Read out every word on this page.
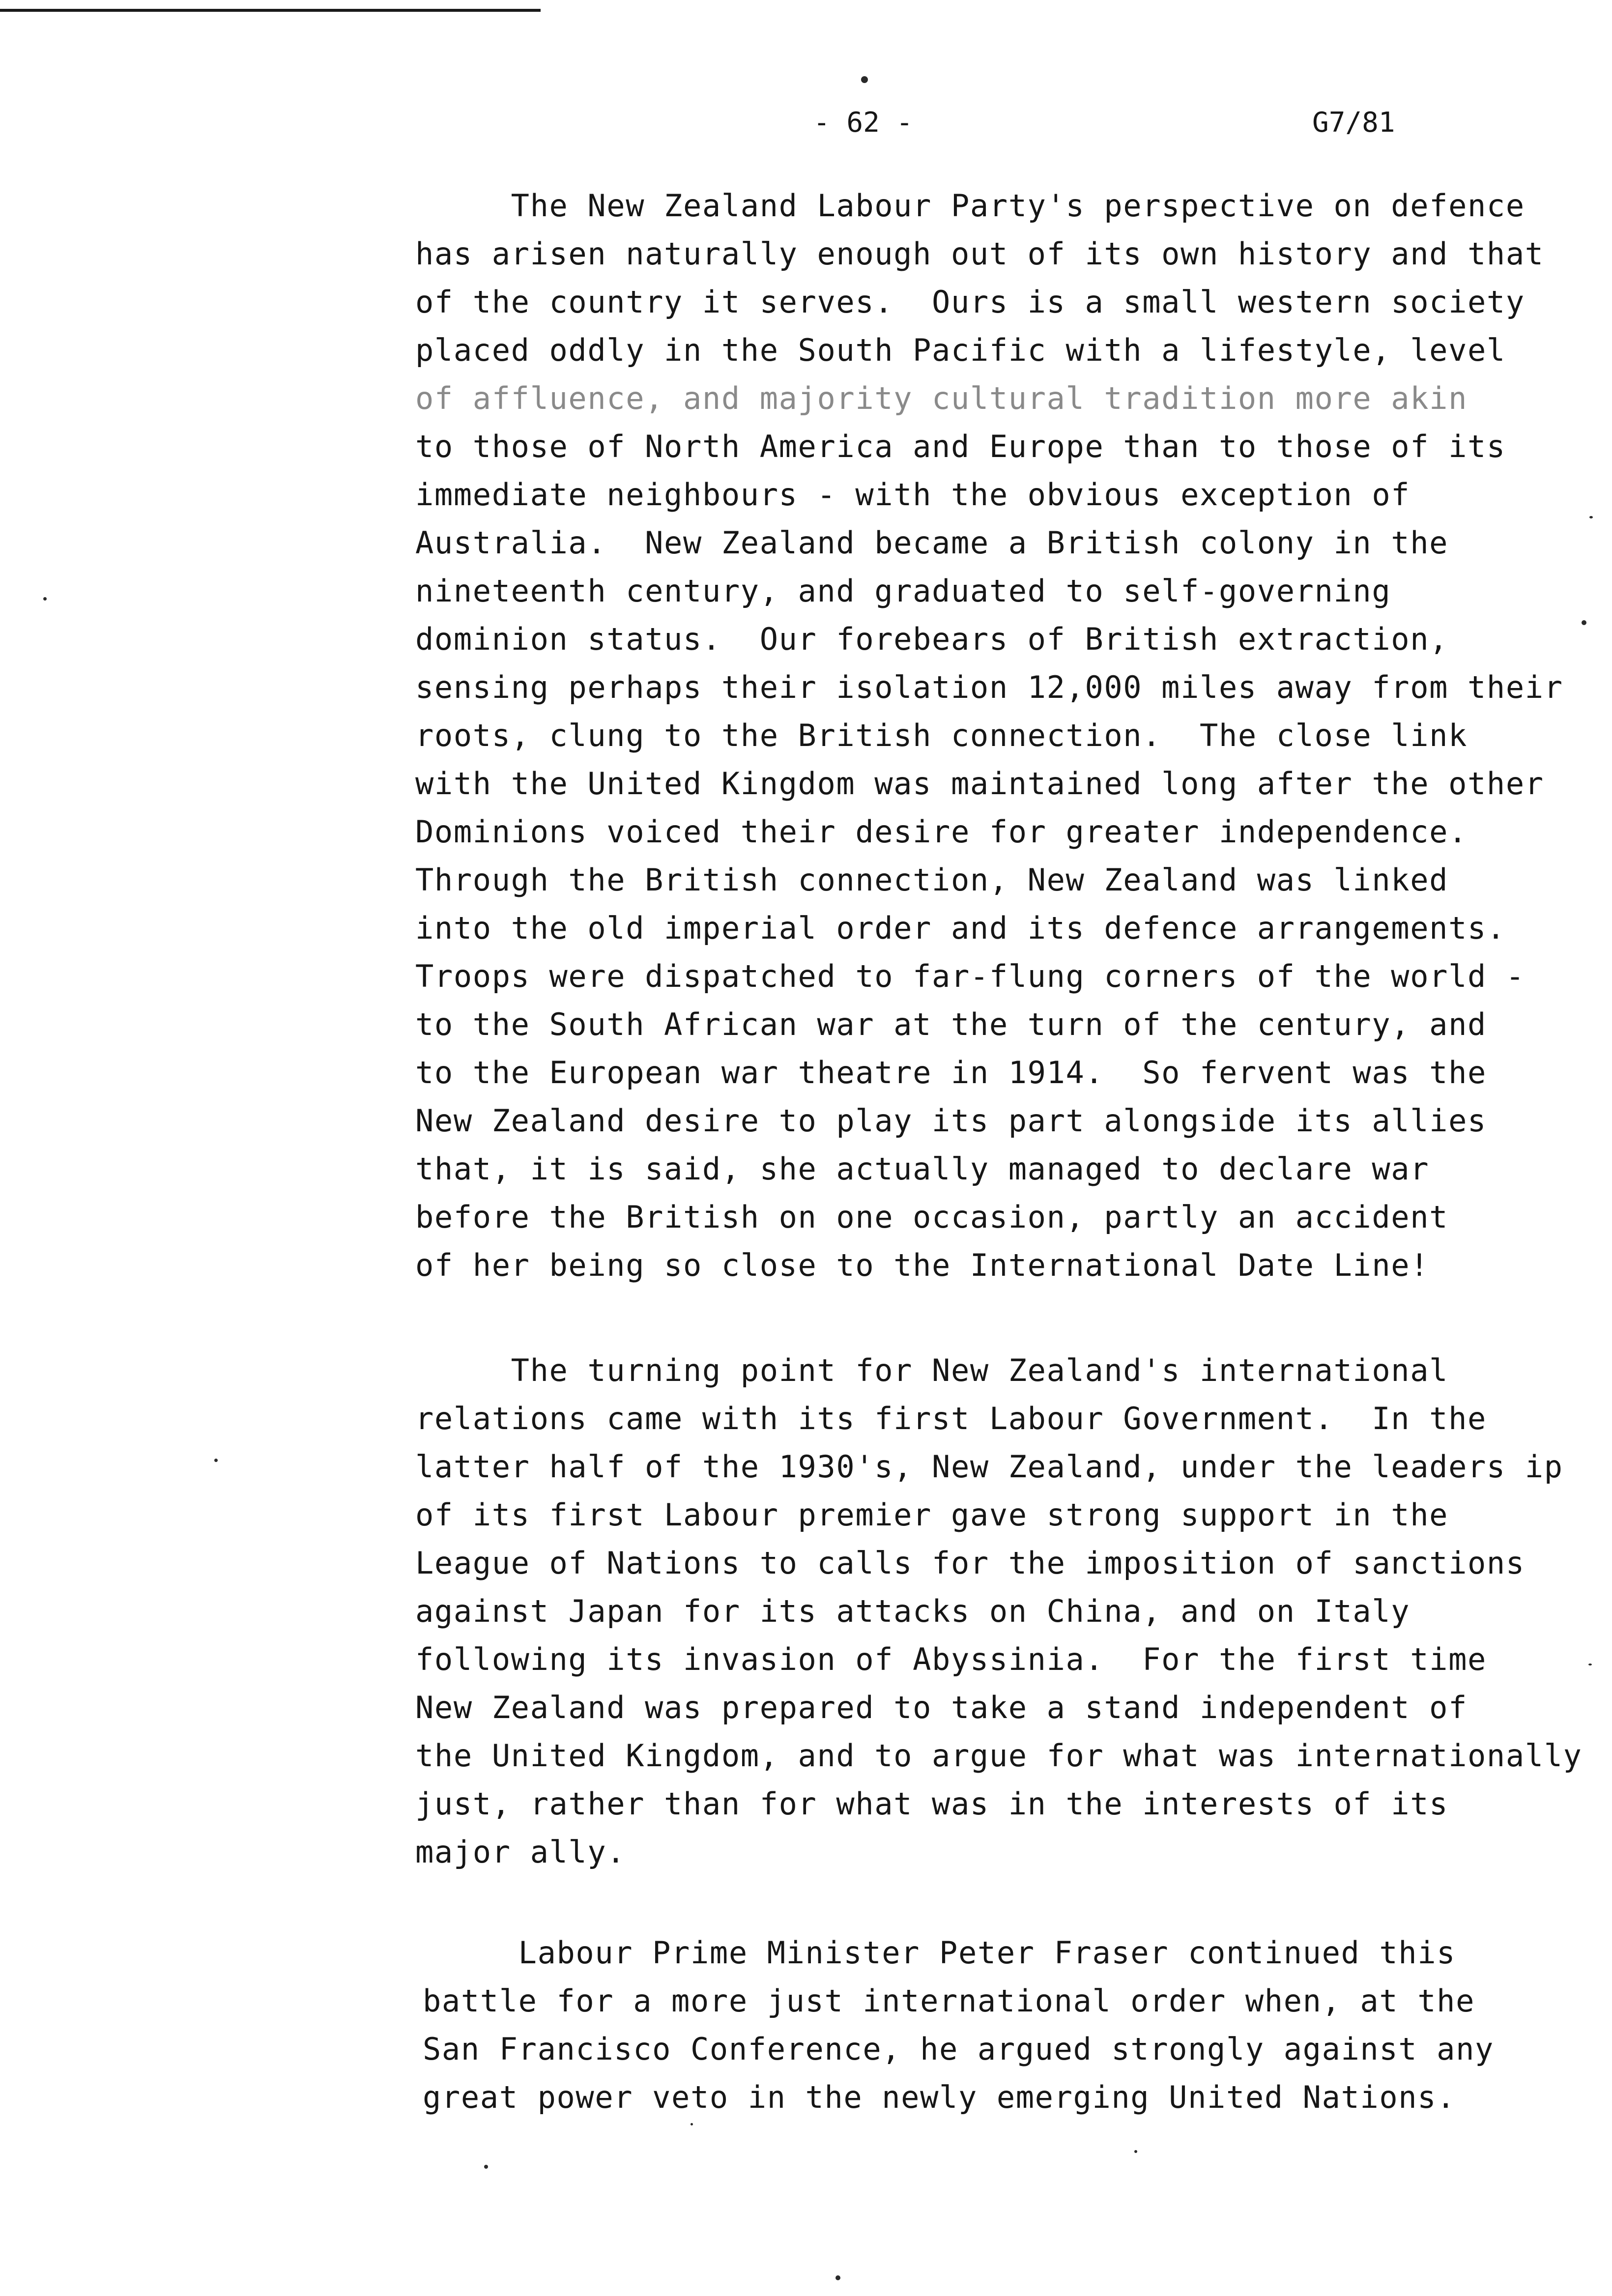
- 62 -	G7/81
The New Zealand Labour Party's perspective on defence
has arisen naturally enough out of its own history and that
of the country it serves.  Ours is a small western society
placed oddly in the South Pacific with a lifestyle, level
of affluence, and majority cultural tradition more akin
to those of North America and Europe than to those of its
immediate neighbours - with the obvious exception of
Australia.  New Zealand became a British colony in the
nineteenth century, and graduated to self-governing
dominion status.  Our forebears of British extraction,
sensing perhaps their isolation 12,000 miles away from their
roots, clung to the British connection.  The close link
with the United Kingdom was maintained long after the other
Dominions voiced their desire for greater independence.
Through the British connection, New Zealand was linked
into the old imperial order and its defence arrangements.
Troops were dispatched to far-flung corners of the world -
to the South African war at the turn of the century, and
to the European war theatre in 1914.  So fervent was the
New Zealand desire to play its part alongside its allies
that, it is said, she actually managed to declare war
before the British on one occasion, partly an accident
of her being so close to the International Date Line!
The turning point for New Zealand's international
relations came with its first Labour Government.  In the
latter half of the 1930's, New Zealand, under the leaders ip
of its first Labour premier gave strong support in the
League of Nations to calls for the imposition of sanctions
against Japan for its attacks on China, and on Italy
following its invasion of Abyssinia.  For the first time
New Zealand was prepared to take a stand independent of
the United Kingdom, and to argue for what was internationally
just, rather than for what was in the interests of its
major ally.
Labour Prime Minister Peter Fraser continued this
battle for a more just international order when, at the
San Francisco Conference, he argued strongly against any
great power veto in the newly emerging United Nations.
